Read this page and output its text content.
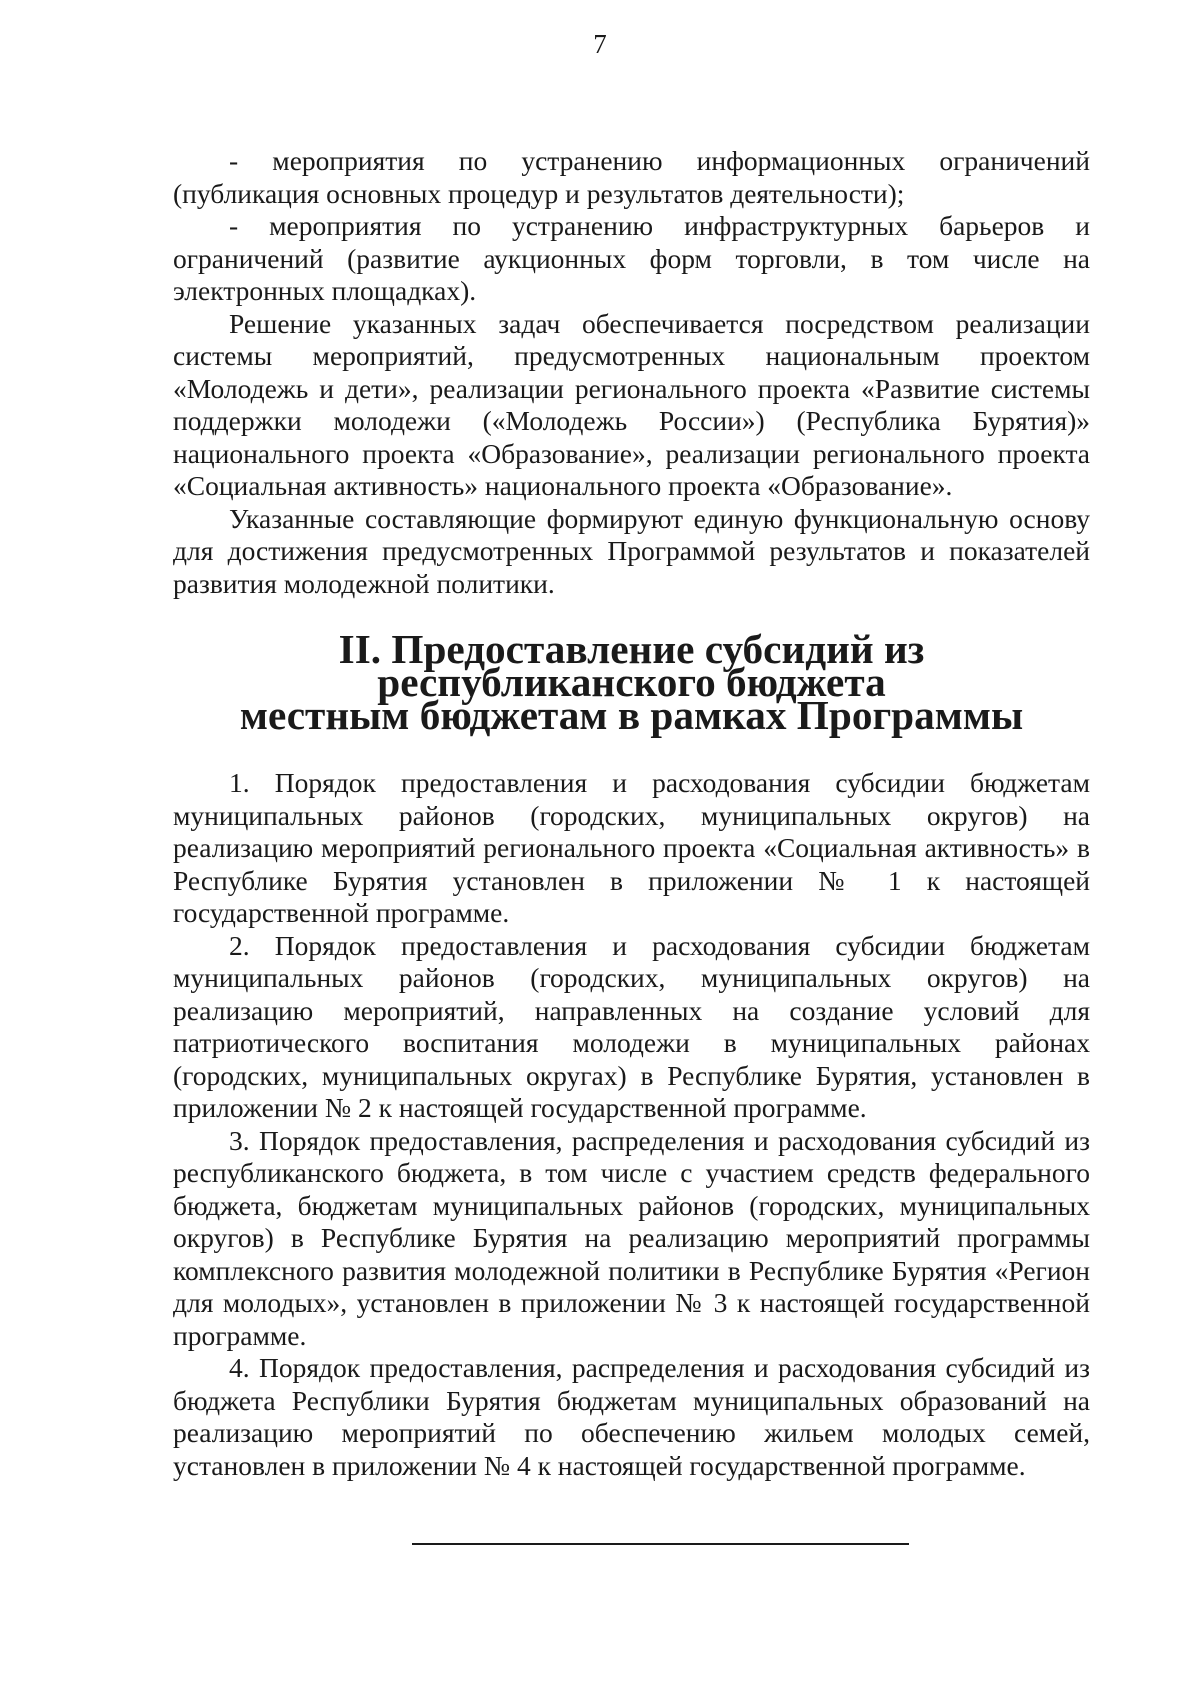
7

- мероприятия по устранению информационных ограничений (публикация основных процедур и результатов деятельности);

- мероприятия по устранению инфраструктурных барьеров и ограничений (развитие аукционных форм торговли, в том числе на электронных площадках).

Решение указанных задач обеспечивается посредством реализации системы мероприятий, предусмотренных национальным проектом «Молодежь и дети», реализации регионального проекта «Развитие системы поддержки молодежи («Молодежь России») (Республика Бурятия)» национального проекта «Образование», реализации регионального проекта «Социальная активность» национального проекта «Образование».

Указанные составляющие формируют единую функциональную основу для достижения предусмотренных Программой результатов и показателей развития молодежной политики.

II. Предоставление субсидий из республиканского бюджета
местным бюджетам в рамках Программы

1. Порядок предоставления и расходования субсидии бюджетам муниципальных районов (городских, муниципальных округов) на реализацию мероприятий регионального проекта «Социальная активность» в Республике Бурятия установлен в приложении № 1 к настоящей государственной программе.

2. Порядок предоставления и расходования субсидии бюджетам муниципальных районов (городских, муниципальных округов) на реализацию мероприятий, направленных на создание условий для патриотического воспитания молодежи в муниципальных районах (городских, муниципальных округах) в Республике Бурятия, установлен в приложении № 2 к настоящей государственной программе.

3. Порядок предоставления, распределения и расходования субсидий из республиканского бюджета, в том числе с участием средств федерального бюджета, бюджетам муниципальных районов (городских, муниципальных округов) в Республике Бурятия на реализацию мероприятий программы комплексного развития молодежной политики в Республике Бурятия «Регион для молодых», установлен в приложении № 3 к настоящей государственной программе.

4. Порядок предоставления, распределения и расходования субсидий из бюджета Республики Бурятия бюджетам муниципальных образований на реализацию мероприятий по обеспечению жильем молодых семей, установлен в приложении № 4 к настоящей государственной программе.
